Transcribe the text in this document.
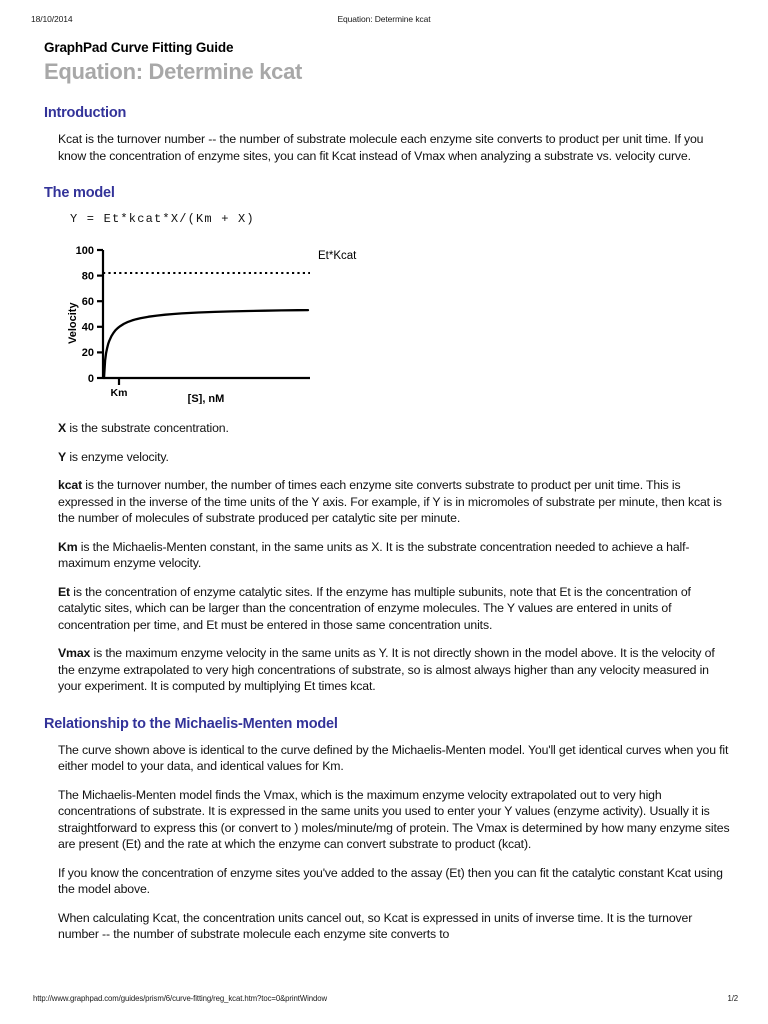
18/10/2014	Equation: Determine kcat
GraphPad Curve Fitting Guide
Equation: Determine kcat
Introduction

Kcat is the turnover number -- the number of substrate molecule each enzyme site converts to product per unit time. If you know the concentration of enzyme sites, you can fit Kcat instead of Vmax when analyzing a substrate vs. velocity curve.

The model

Y = Et*kcat*X/(Km + X)

0
20
40
60
80
100
Velocity
Km	[S], nM
Et*Kcat

X is the substrate concentration.

Y is enzyme velocity.

kcat is the turnover number, the number of times each enzyme site converts substrate to product per unit time. This is expressed in the inverse of the time units of the Y axis. For example, if Y is in micromoles of substrate per minute, then kcat is the number of molecules of substrate produced per catalytic site per minute.

Km is the Michaelis-Menten constant, in the same units as X. It is the substrate concentration needed to achieve a half-maximum enzyme velocity.

Et is the concentration of enzyme catalytic sites. If the enzyme has multiple subunits, note that Et is the concentration of catalytic sites, which can be larger than the concentration of enzyme molecules. The Y values are entered in units of concentration per time, and Et must be entered in those same concentration units.

Vmax is the maximum enzyme velocity in the same units as Y. It is not directly shown in the model above. It is the velocity of the enzyme extrapolated to very high concentrations of substrate, so is almost always higher than any velocity measured in your experiment. It is computed by multiplying Et times kcat.

Relationship to the Michaelis-Menten model

The curve shown above is identical to the curve defined by the Michaelis-Menten model. You'll get identical curves when you fit either model to your data, and identical values for Km.

The Michaelis-Menten model finds the Vmax, which is the maximum enzyme velocity extrapolated out to very high concentrations of substrate. It is expressed in the same units you used to enter your Y values (enzyme activity). Usually it is straightforward to express this (or convert to ) moles/minute/mg of protein. The Vmax is determined by how many enzyme sites are present (Et) and the rate at which the enzyme can convert substrate to product (kcat).

If you know the concentration of enzyme sites you've added to the assay (Et) then you can fit the catalytic constant Kcat using the model above.

When calculating Kcat, the concentration units cancel out, so Kcat is expressed in units of inverse time. It is the turnover number -- the number of substrate molecule each enzyme site converts to

http://www.graphpad.com/guides/prism/6/curve-fitting/reg_kcat.htm?toc=0&printWindow	1/2
